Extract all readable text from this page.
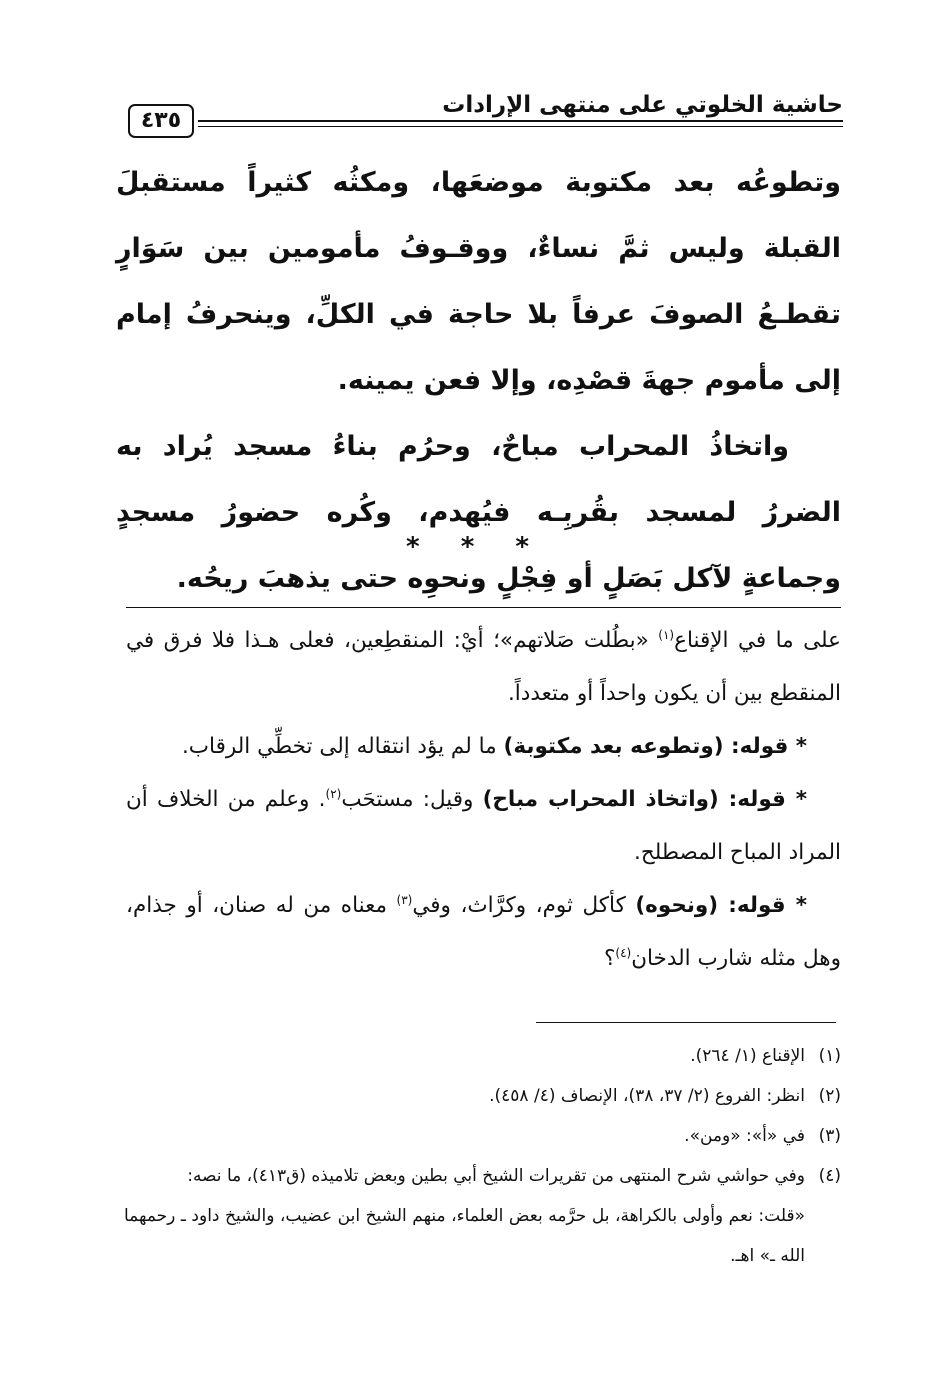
حاشية الخلوتي على منتهى الإرادات
٤٣٥

وتطوعُه بعد مكتوبة موضعَها، ومكثُه كثيراً مستقبلَ القبلة وليس ثمَّ نساءٌ، ووقـوفُ مأمومين بين سَوَارٍ تقطـعُ الصوفَ عرفاً بلا حاجة في الكلِّ، وينحرفُ إمام إلى مأموم جهةَ قصْدِه، وإلا فعن يمينه.

واتخاذُ المحراب مباحٌ، وحرُم بناءُ مسجد يُراد به الضررُ لمسجد بقُربِـه فيُهدم، وكُره حضورُ مسجدٍ وجماعةٍ لآكل بَصَلٍ أو فِجْلٍ ونحوِه حتى يذهبَ ريحُه.

* * *

على ما في الإقناع$^{(١)}$ «بطُلت صَلاتهم»؛ أيْ: المنقطِعين، فعلى هـذا فلا فرق في المنقطع بين أن يكون واحداً أو متعدداً.

* قوله: (وتطوعه بعد مكتوبة) ما لم يؤد انتقاله إلى تخطِّي الرقاب.

* قوله: (واتخاذ المحراب مباح) وقيل: مستحَب$^{(٢)}$. وعلم من الخلاف أن المراد المباح المصطلح.

* قوله: (ونحوه) كأكل ثوم، وكرَّاث، وفي$^{(٣)}$ معناه من له صنان، أو جذام، وهل مثله شارب الدخان$^{(٤)}$؟

(١)
الإقناع (١/ ٢٦٤).
(٢)
انظر: الفروع (٢/ ٣٧، ٣٨)، الإنصاف (٤/ ٤٥٨).
(٣)
في «أ»: «ومن».
(٤)
وفي حواشي شرح المنتهى من تقريرات الشيخ أبي بطين وبعض تلاميذه (ق٤١٣)، ما نصه:
«قلت: نعم وأولى بالكراهة، بل حرَّمه بعض العلماء، منهم الشيخ ابن عضيب، والشيخ داود ـ رحمهما الله ـ» اهـ.
